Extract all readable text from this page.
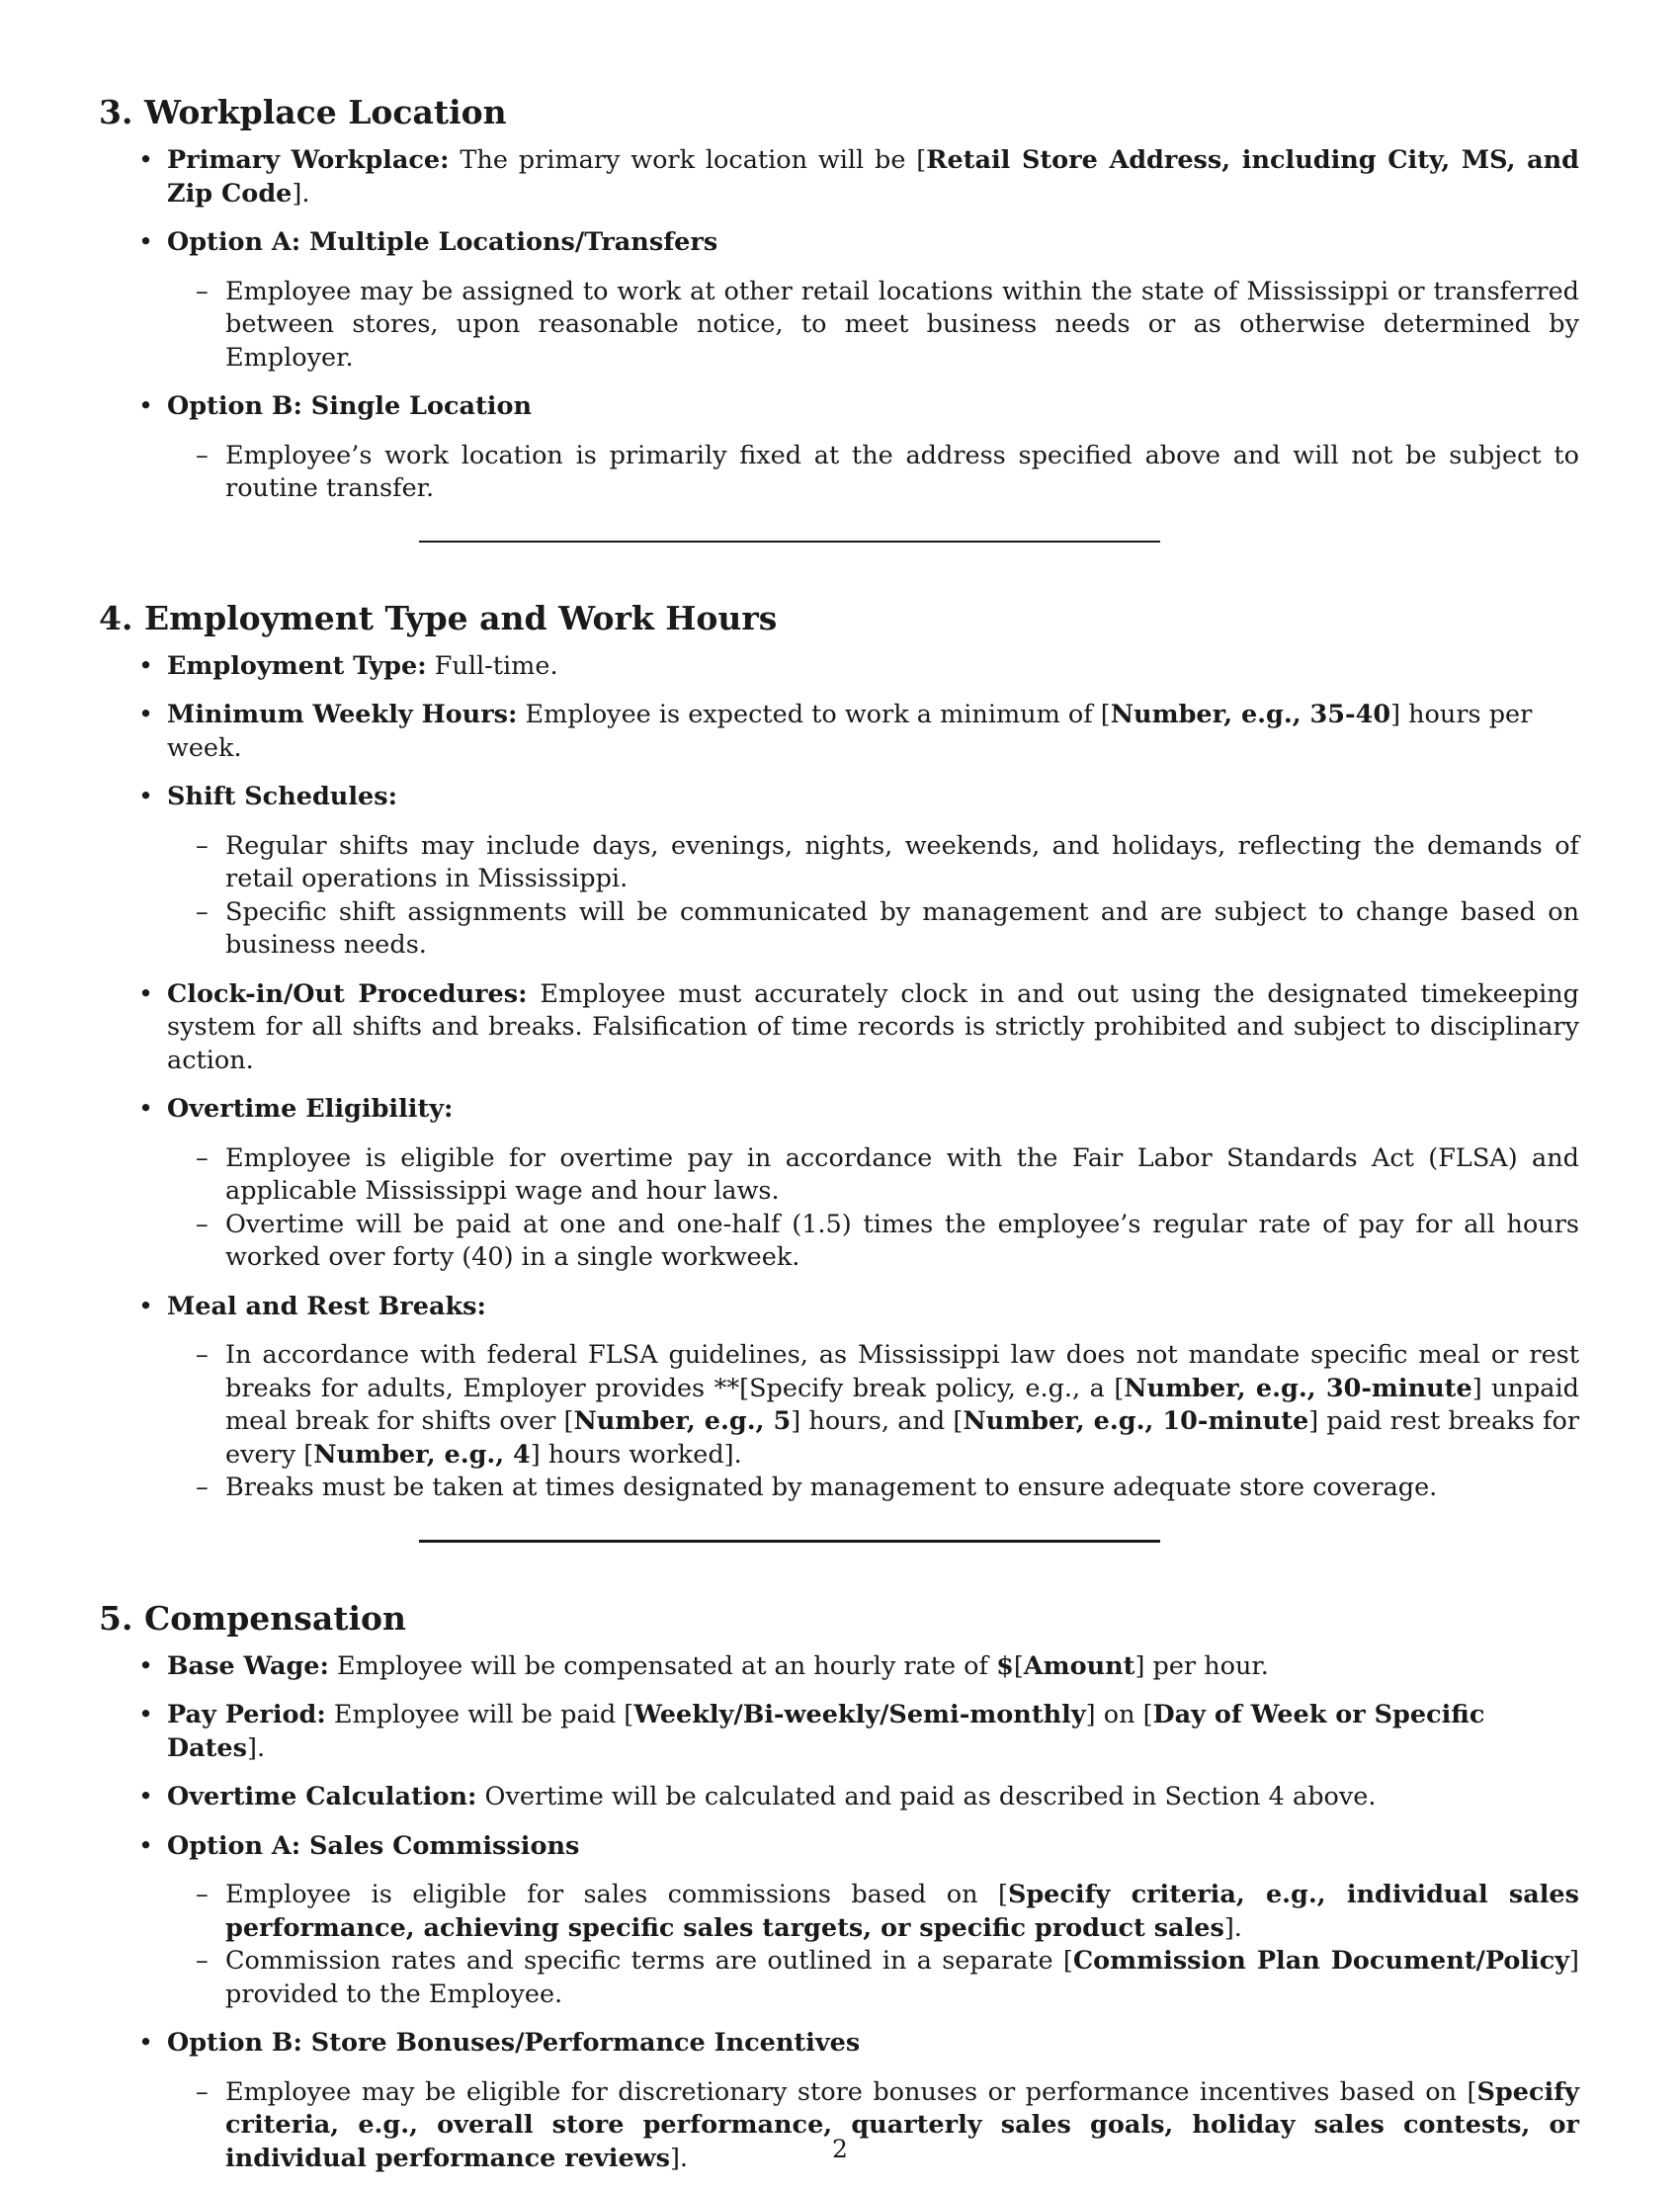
3. Workplace Location
• Primary Workplace: The primary work location will be [Retail Store Address, including City, MS, and Zip Code].
• Option A: Multiple Locations/Transfers
– Employee may be assigned to work at other retail locations within the state of Mississippi or transferred between stores, upon reasonable notice, to meet business needs or as otherwise determined by Employer.
• Option B: Single Location
– Employee’s work location is primarily fixed at the address specified above and will not be subject to routine transfer.
4. Employment Type and Work Hours
• Employment Type: Full-time.
• Minimum Weekly Hours: Employee is expected to work a minimum of [Number, e.g., 35-40] hours per week.
• Shift Schedules:
– Regular shifts may include days, evenings, nights, weekends, and holidays, reflecting the demands of retail operations in Mississippi.
– Specific shift assignments will be communicated by management and are subject to change based on business needs.
• Clock-in/Out Procedures: Employee must accurately clock in and out using the designated timekeeping system for all shifts and breaks. Falsification of time records is strictly prohibited and subject to disciplinary action.
• Overtime Eligibility:
– Employee is eligible for overtime pay in accordance with the Fair Labor Standards Act (FLSA) and applicable Mississippi wage and hour laws.
– Overtime will be paid at one and one-half (1.5) times the employee’s regular rate of pay for all hours worked over forty (40) in a single workweek.
• Meal and Rest Breaks:
– In accordance with federal FLSA guidelines, as Mississippi law does not mandate specific meal or rest breaks for adults, Employer provides **[Specify break policy, e.g., a [Number, e.g., 30-minute] unpaid meal break for shifts over [Number, e.g., 5] hours, and [Number, e.g., 10-minute] paid rest breaks for every [Number, e.g., 4] hours worked].
– Breaks must be taken at times designated by management to ensure adequate store coverage.
5. Compensation
• Base Wage: Employee will be compensated at an hourly rate of $[Amount] per hour.
• Pay Period: Employee will be paid [Weekly/Bi-weekly/Semi-monthly] on [Day of Week or Specific Dates].
• Overtime Calculation: Overtime will be calculated and paid as described in Section 4 above.
• Option A: Sales Commissions
– Employee is eligible for sales commissions based on [Specify criteria, e.g., individual sales performance, achieving specific sales targets, or specific product sales].
– Commission rates and specific terms are outlined in a separate [Commission Plan Document/Policy] provided to the Employee.
• Option B: Store Bonuses/Performance Incentives
– Employee may be eligible for discretionary store bonuses or performance incentives based on [Specify criteria, e.g., overall store performance, quarterly sales goals, holiday sales contests, or individual performance reviews].	2
